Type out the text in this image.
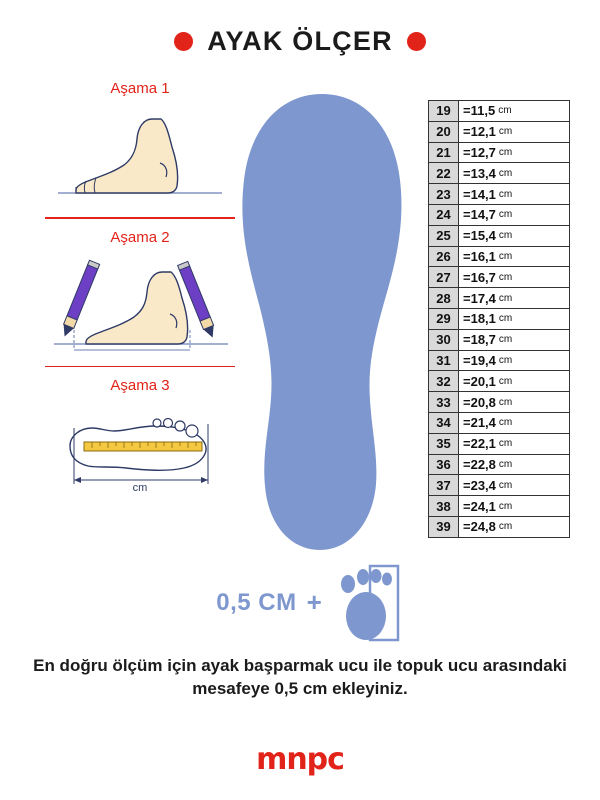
AYAK ÖLÇER
Aşama 1
Aşama 2
Aşama 3
cm
19 =11,5 cm
20 =12,1 cm
21 =12,7 cm
22 =13,4 cm
23 =14,1 cm
24 =14,7 cm
25 =15,4 cm
26 =16,1 cm
27 =16,7 cm
28 =17,4 cm
29 =18,1 cm
30 =18,7 cm
31 =19,4 cm
32 =20,1 cm
33 =20,8 cm
34 =21,4 cm
35 =22,1 cm
36 =22,8 cm
37 =23,4 cm
38 =24,1 cm
39 =24,8 cm
0,5 CM +
En doğru ölçüm için ayak başparmak ucu ile topuk ucu arasındaki mesafeye 0,5 cm ekleyiniz.
mnpc
